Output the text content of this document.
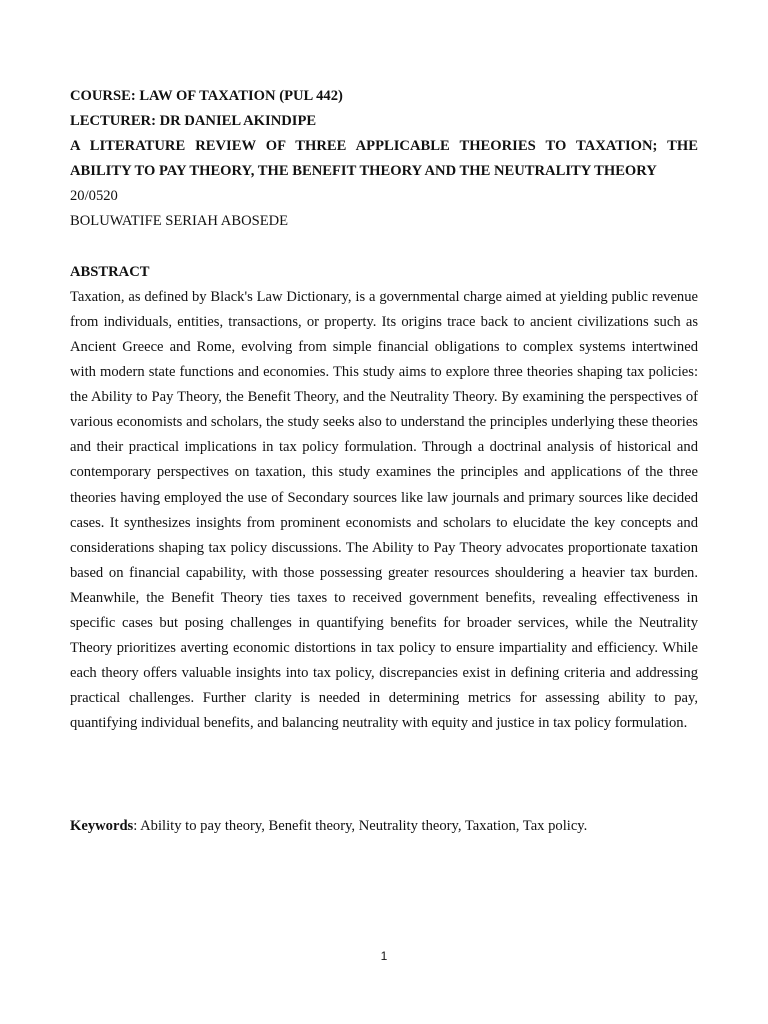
COURSE: LAW OF TAXATION (PUL 442)

LECTURER: DR DANIEL AKINDIPE

A LITERATURE REVIEW OF THREE APPLICABLE THEORIES TO TAXATION; THE ABILITY TO PAY THEORY, THE BENEFIT THEORY AND THE NEUTRALITY THEORY

20/0520

BOLUWATIFE SERIAH ABOSEDE

ABSTRACT

Taxation, as defined by Black's Law Dictionary, is a governmental charge aimed at yielding public revenue from individuals, entities, transactions, or property. Its origins trace back to ancient civilizations such as Ancient Greece and Rome, evolving from simple financial obligations to complex systems intertwined with modern state functions and economies. This study aims to explore three theories shaping tax policies: the Ability to Pay Theory, the Benefit Theory, and the Neutrality Theory. By examining the perspectives of various economists and scholars, the study seeks also to understand the principles underlying these theories and their practical implications in tax policy formulation. Through a doctrinal analysis of historical and contemporary perspectives on taxation, this study examines the principles and applications of the three theories having employed the use of Secondary sources like law journals and primary sources like decided cases. It synthesizes insights from prominent economists and scholars to elucidate the key concepts and considerations shaping tax policy discussions. The Ability to Pay Theory advocates proportionate taxation based on financial capability, with those possessing greater resources shouldering a heavier tax burden. Meanwhile, the Benefit Theory ties taxes to received government benefits, revealing effectiveness in specific cases but posing challenges in quantifying benefits for broader services, while the Neutrality Theory prioritizes averting economic distortions in tax policy to ensure impartiality and efficiency. While each theory offers valuable insights into tax policy, discrepancies exist in defining criteria and addressing practical challenges. Further clarity is needed in determining metrics for assessing ability to pay, quantifying individual benefits, and balancing neutrality with equity and justice in tax policy formulation.

Keywords: Ability to pay theory, Benefit theory, Neutrality theory, Taxation, Tax policy.

1
